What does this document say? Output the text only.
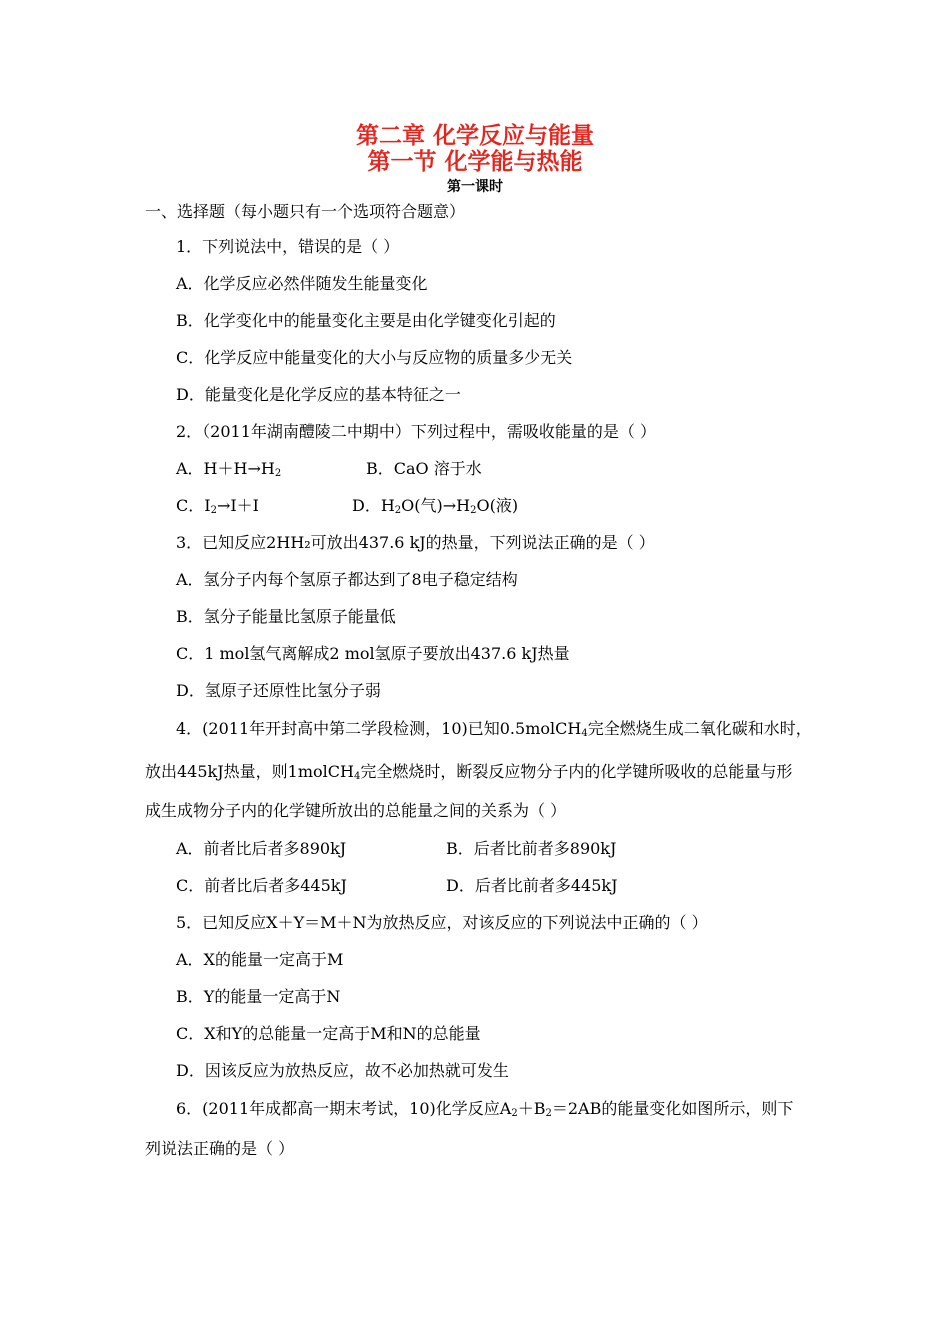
第二章 化学反应与能量
第一节 化学能与热能
第一课时
一、选择题（每小题只有一个选项符合题意）
1．下列说法中，错误的是（ ）
A．化学反应必然伴随发生能量变化
B．化学变化中的能量变化主要是由化学键变化引起的
C．化学反应中能量变化的大小与反应物的质量多少无关
D．能量变化是化学反应的基本特征之一
2．（2011年湖南醴陵二中期中）下列过程中，需吸收能量的是（ ）
A．$H+H\to H_2$	B．CaO 溶于水
C．$I_2\to I+I$	D．$H_2O$(气)$\to H_2O$(液)
3．已知反应2HH₂可放出437.6 kJ的热量，下列说法正确的是（ ）
A．氢分子内每个氢原子都达到了8电子稳定结构
B．氢分子能量比氢原子能量低
C．1 mol氢气离解成2 mol氢原子要放出437.6 kJ热量
D．氢原子还原性比氢分子弱
4．(2011年开封高中第二学段检测，10)已知0.5molCH$_4$完全燃烧生成二氧化碳和水时，
放出445kJ热量，则1molCH$_4$完全燃烧时，断裂反应物分子内的化学键所吸收的总能量与形
成生成物分子内的化学键所放出的总能量之间的关系为（ ）
A．前者比后者多890kJ	B．后者比前者多890kJ
C．前者比后者多445kJ	D．后者比前者多445kJ
5．已知反应X＋Y＝M＋N为放热反应，对该反应的下列说法中正确的（ ）
A．X的能量一定高于M
B．Y的能量一定高于N
C．X和Y的总能量一定高于M和N的总能量
D．因该反应为放热反应，故不必加热就可发生
6．(2011年成都高一期末考试，10)化学反应$A_2+B_2=2AB$的能量变化如图所示，则下
列说法正确的是（ ）
